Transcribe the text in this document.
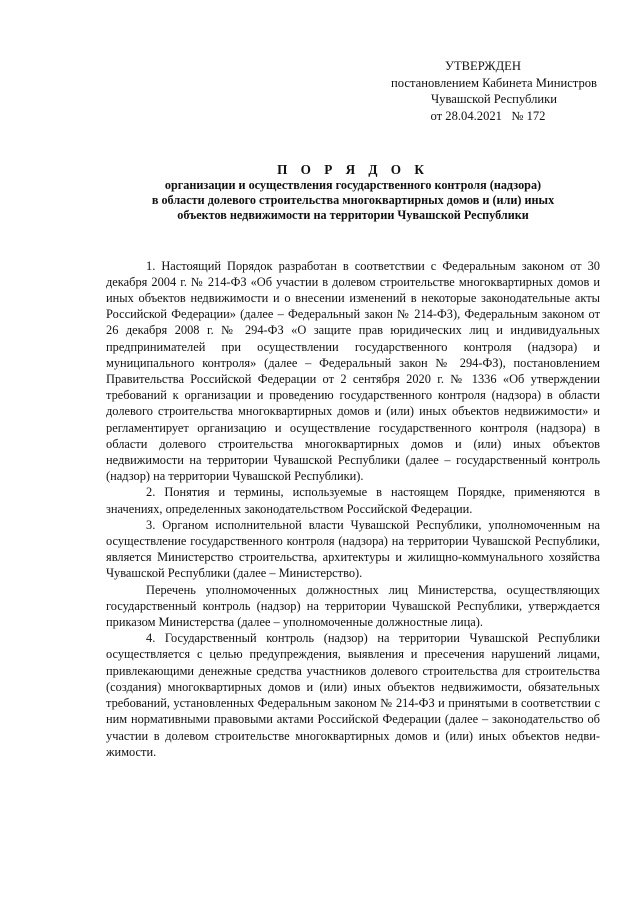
УТВЕРЖДЕН
постановлением Кабинета Министров
Чувашской Республики
от 28.04.2021   № 172
П О Р Я Д О К
организации и осуществления государственного контроля (надзора)
в области долевого строительства многоквартирных домов и (или) иных
объектов недвижимости на территории Чувашской Республики

1. Настоящий Порядок разработан в соответствии с Федеральным законом от 30 декабря 2004 г. № 214-ФЗ «Об участии в долевом строительстве многоквартирных домов и иных объектов недвижимости и о внесении изменений в некоторые законодательные акты Российской Федерации» (далее – Федеральный закон № 214-ФЗ), Федеральным законом от 26 декабря 2008 г. № 294-ФЗ «О защите прав юридических лиц и индивидуальных предпринимателей при осуществлении государственного контроля (надзора) и муниципального контроля» (далее – Федеральный закон № 294-ФЗ), постановлением Правительства Российской Федерации от 2 сентября 2020 г. № 1336 «Об утверждении требований к организации и проведению государственного контроля (надзора) в области долевого строительства многоквартирных домов и (или) иных объектов недвижимости» и регламентирует организацию и осуществление государственного контроля (надзора) в области долевого строительства многоквартирных домов и (или) иных объектов недвижимости на территории Чувашской Республики (далее – государственный контроль (надзор) на территории Чувашской Республики).

2. Понятия и термины, используемые в настоящем Порядке, применяются в значениях, определенных законодательством Российской Федерации.

3. Органом исполнительной власти Чувашской Республики, уполномоченным на осуществление государственного контроля (надзора) на территории Чувашской Республики, является Министерство строительства, архитектуры и жилищно-коммунального хозяйства Чувашской Республики (далее – Министерство).

Перечень уполномоченных должностных лиц Министерства, осуществляющих государственный контроль (надзор) на территории Чувашской Республики, утверждается приказом Министерства (далее – уполномоченные должностные лица).

4. Государственный контроль (надзор) на территории Чувашской Республики осуществляется с целью предупреждения, выявления и пресечения нарушений лицами, привлекающими денежные средства участников долевого строительства для строительства (создания) многоквартирных домов и (или) иных объектов недвижимости, обязательных требований, установленных Федеральным законом № 214-ФЗ и принятыми в соответствии с ним нормативными правовыми актами Российской Федерации (далее – законодательство об участии в долевом строительстве многоквартирных домов и (или) иных объектов недвижимости.
